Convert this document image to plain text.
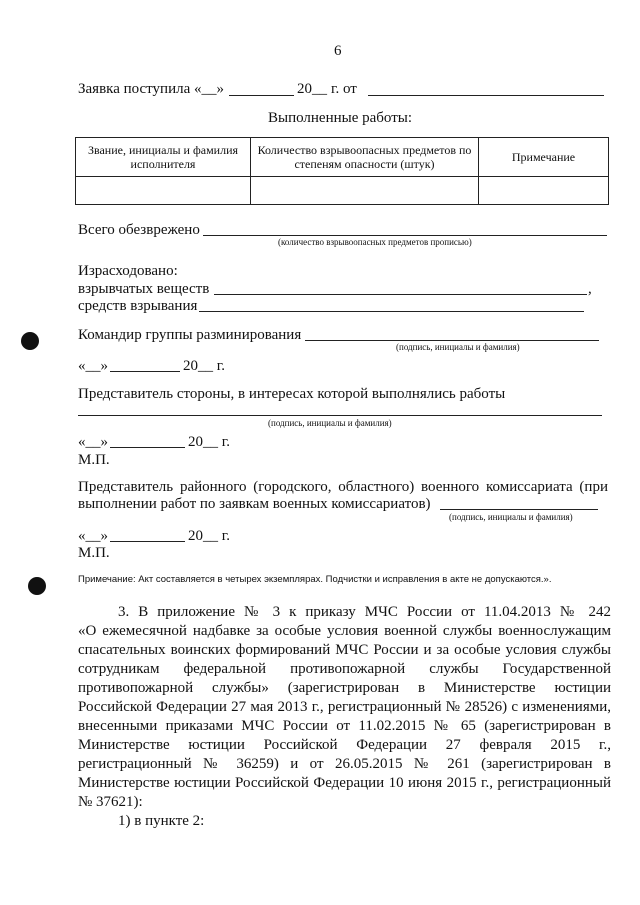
6
Заявка поступила «__»	20__ г. от
Выполненные работы:
Звание, инициалы и фамилия исполнителя	Количество взрывоопасных предметов по степеням опасности (штук)	Примечание

Всего обезврежено
(количество взрывоопасных предметов прописью)
Израсходовано:
взрывчатых веществ	,
средств взрывания
Командир группы разминирования
(подпись, инициалы и фамилия)
«__»	20__ г.
Представитель стороны, в интересах которой выполнялись работы
(подпись, инициалы и фамилия)
«__»	20__ г.
М.П.
Представитель районного (городского, областного) военного комиссариата (при
выполнении работ по заявкам военных комиссариатов)
(подпись, инициалы и фамилия)
«__»	20__ г.
М.П.
Примечание: Акт составляется в четырех экземплярах. Подчистки и исправления в акте не допускаются.».
3. В приложение № 3 к приказу МЧС России от 11.04.2013 № 242
«О ежемесячной надбавке за особые условия военной службы военнослужащим
спасательных воинских формирований МЧС России и за особые условия службы
сотрудникам федеральной противопожарной службы Государственной
противопожарной службы» (зарегистрирован в Министерстве юстиции
Российской Федерации 27 мая 2013 г., регистрационный № 28526) с изменениями,
внесенными приказами МЧС России от 11.02.2015 № 65 (зарегистрирован в
Министерстве юстиции Российской Федерации 27 февраля 2015 г.,
регистрационный № 36259) и от 26.05.2015 № 261 (зарегистрирован в
Министерстве юстиции Российской Федерации 10 июня 2015 г., регистрационный
№ 37621):
1) в пункте 2:
